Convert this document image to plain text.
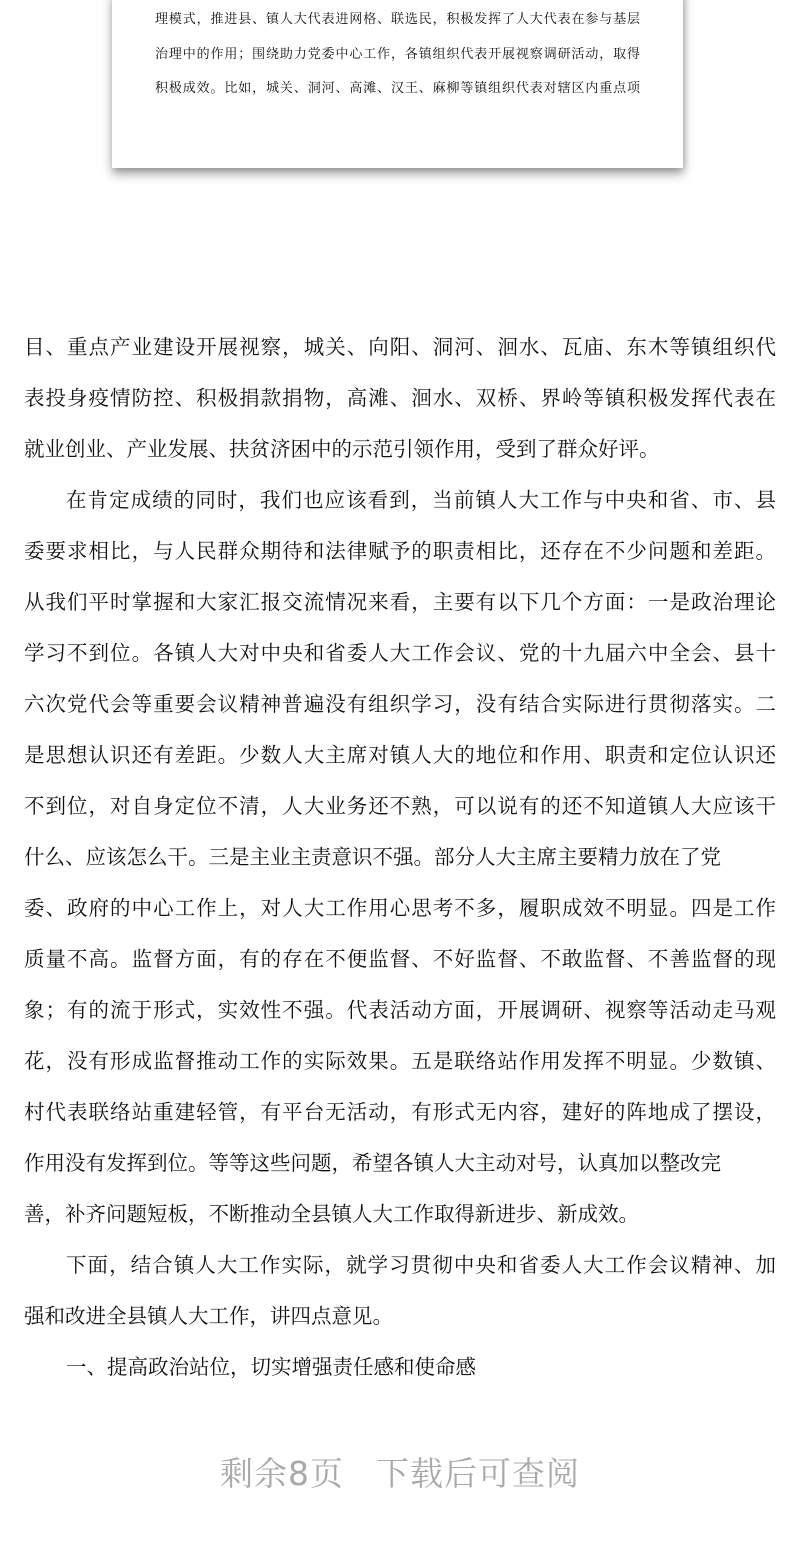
理模式，推进县、镇人大代表进网格、联选民，积极发挥了人大代表在参与基层
治理中的作用；围绕助力党委中心工作，各镇组织代表开展视察调研活动，取得
积极成效。比如，城关、洞河、高滩、汉王、麻柳等镇组织代表对辖区内重点项
目、重点产业建设开展视察，城关、向阳、洞河、洄水、瓦庙、东木等镇组织代
表投身疫情防控、积极捐款捐物，高滩、洄水、双桥、界岭等镇积极发挥代表在
就业创业、产业发展、扶贫济困中的示范引领作用，受到了群众好评。
在肯定成绩的同时，我们也应该看到，当前镇人大工作与中央和省、市、县
委要求相比，与人民群众期待和法律赋予的职责相比，还存在不少问题和差距。
从我们平时掌握和大家汇报交流情况来看，主要有以下几个方面：一是政治理论
学习不到位。各镇人大对中央和省委人大工作会议、党的十九届六中全会、县十
六次党代会等重要会议精神普遍没有组织学习，没有结合实际进行贯彻落实。二
是思想认识还有差距。少数人大主席对镇人大的地位和作用、职责和定位认识还
不到位，对自身定位不清，人大业务还不熟，可以说有的还不知道镇人大应该干
什么、应该怎么干。三是主业主责意识不强。部分人大主席主要精力放在了党
委、政府的中心工作上，对人大工作用心思考不多，履职成效不明显。四是工作
质量不高。监督方面，有的存在不便监督、不好监督、不敢监督、不善监督的现
象；有的流于形式，实效性不强。代表活动方面，开展调研、视察等活动走马观
花，没有形成监督推动工作的实际效果。五是联络站作用发挥不明显。少数镇、
村代表联络站重建轻管，有平台无活动，有形式无内容，建好的阵地成了摆设，
作用没有发挥到位。等等这些问题，希望各镇人大主动对号，认真加以整改完
善，补齐问题短板，不断推动全县镇人大工作取得新进步、新成效。
下面，结合镇人大工作实际，就学习贯彻中央和省委人大工作会议精神、加
强和改进全县镇人大工作，讲四点意见。
一、提高政治站位，切实增强责任感和使命感
剩余8页 下载后可查阅
